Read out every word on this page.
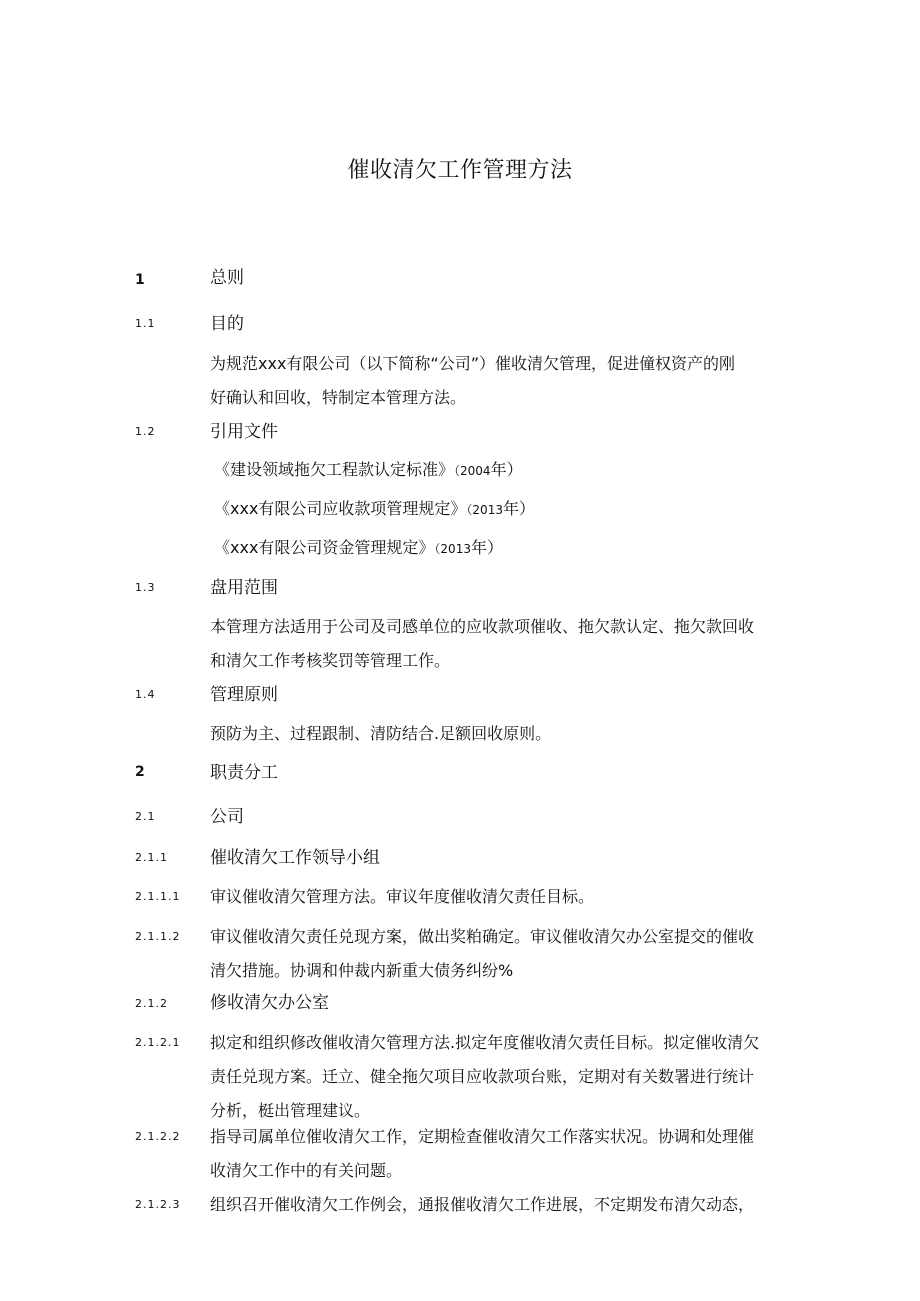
催收清欠工作管理方法
1	总则
1.1	目的
为规范xxx有限公司（以下简称“公司”）催收清欠管理，促进僮权资产的刚
好确认和回收，特制定本管理方法。
1.2	引用文件
《建设领域拖欠工程款认定标准》（2004年）
《xxx有限公司应收款项管理规定》（2013年）
《xxx有限公司资金管理规定》（2013年）
1.3	盘用范围
本管理方法适用于公司及司感单位的应收款项催收、拖欠款认定、拖欠款回收
和清欠工作考核奖罚等管理工作。
1.4	管理原则
预防为主、过程跟制、清防结合.足额回收原则。
2	职责分工
2.1	公司
2.1.1 催收清欠工作领导小组
2.1.1.1 审议催收清欠管理方法。审议年度催收清欠责任目标。
2.1.1.2 审议催收清欠责任兑现方案，做出奖粕确定。审议催收清欠办公室提交的催收
清欠措施。协调和仲裁内新重大债务纠纷%
2.1.2 修收清欠办公室
2.1.2.1 拟定和组织修改催收清欠管理方法.拟定年度催收清欠责任目标。拟定催收清欠
责任兑现方案。迁立、健全拖欠项目应收款项台账，定期对有关数署进行统计
分析，梃出管理建议。
2.1.2.2 指导司属单位催收清欠工作，定期检查催收清欠工作落实状况。协调和处理催
收清欠工作中的有关问题。
2.1.2.3 组织召开催收清欠工作例会，通报催收清欠工作进展，不定期发布清欠动态，
